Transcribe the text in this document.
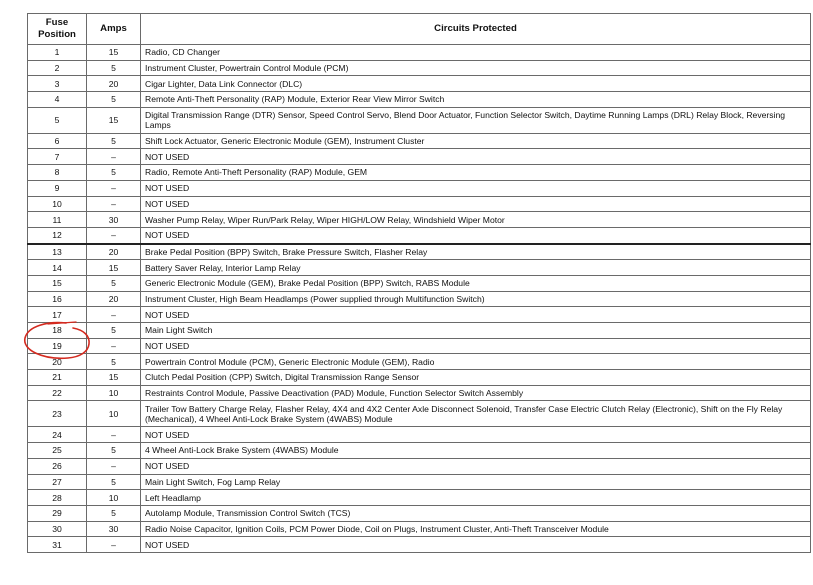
Fuse Position	Amps	Circuits Protected
1	15	Radio, CD Changer
2	5	Instrument Cluster, Powertrain Control Module (PCM)
3	20	Cigar Lighter, Data Link Connector (DLC)
4	5	Remote Anti-Theft Personality (RAP) Module, Exterior Rear View Mirror Switch
5	15	Digital Transmission Range (DTR) Sensor, Speed Control Servo, Blend Door Actuator, Function Selector Switch, Daytime Running Lamps (DRL) Relay Block, Reversing Lamps
6	5	Shift Lock Actuator, Generic Electronic Module (GEM), Instrument Cluster
7	–	NOT USED
8	5	Radio, Remote Anti-Theft Personality (RAP) Module, GEM
9	–	NOT USED
10	–	NOT USED
11	30	Washer Pump Relay, Wiper Run/Park Relay, Wiper HIGH/LOW Relay, Windshield Wiper Motor
12	–	NOT USED
13	20	Brake Pedal Position (BPP) Switch, Brake Pressure Switch, Flasher Relay
14	15	Battery Saver Relay, Interior Lamp Relay
15	5	Generic Electronic Module (GEM), Brake Pedal Position (BPP) Switch, RABS Module
16	20	Instrument Cluster, High Beam Headlamps (Power supplied through Multifunction Switch)
17	–	NOT USED
18	5	Main Light Switch
19	–	NOT USED
20	5	Powertrain Control Module (PCM), Generic Electronic Module (GEM), Radio
21	15	Clutch Pedal Position (CPP) Switch, Digital Transmission Range Sensor
22	10	Restraints Control Module, Passive Deactivation (PAD) Module, Function Selector Switch Assembly
23	10	Trailer Tow Battery Charge Relay, Flasher Relay, 4X4 and 4X2 Center Axle Disconnect Solenoid, Transfer Case Electric Clutch Relay (Electronic), Shift on the Fly Relay (Mechanical), 4 Wheel Anti-Lock Brake System (4WABS) Module
24	–	NOT USED
25	5	4 Wheel Anti-Lock Brake System (4WABS) Module
26	–	NOT USED
27	5	Main Light Switch, Fog Lamp Relay
28	10	Left Headlamp
29	5	Autolamp Module, Transmission Control Switch (TCS)
30	30	Radio Noise Capacitor, Ignition Coils, PCM Power Diode, Coil on Plugs, Instrument Cluster, Anti-Theft Transceiver Module
31	–	NOT USED
